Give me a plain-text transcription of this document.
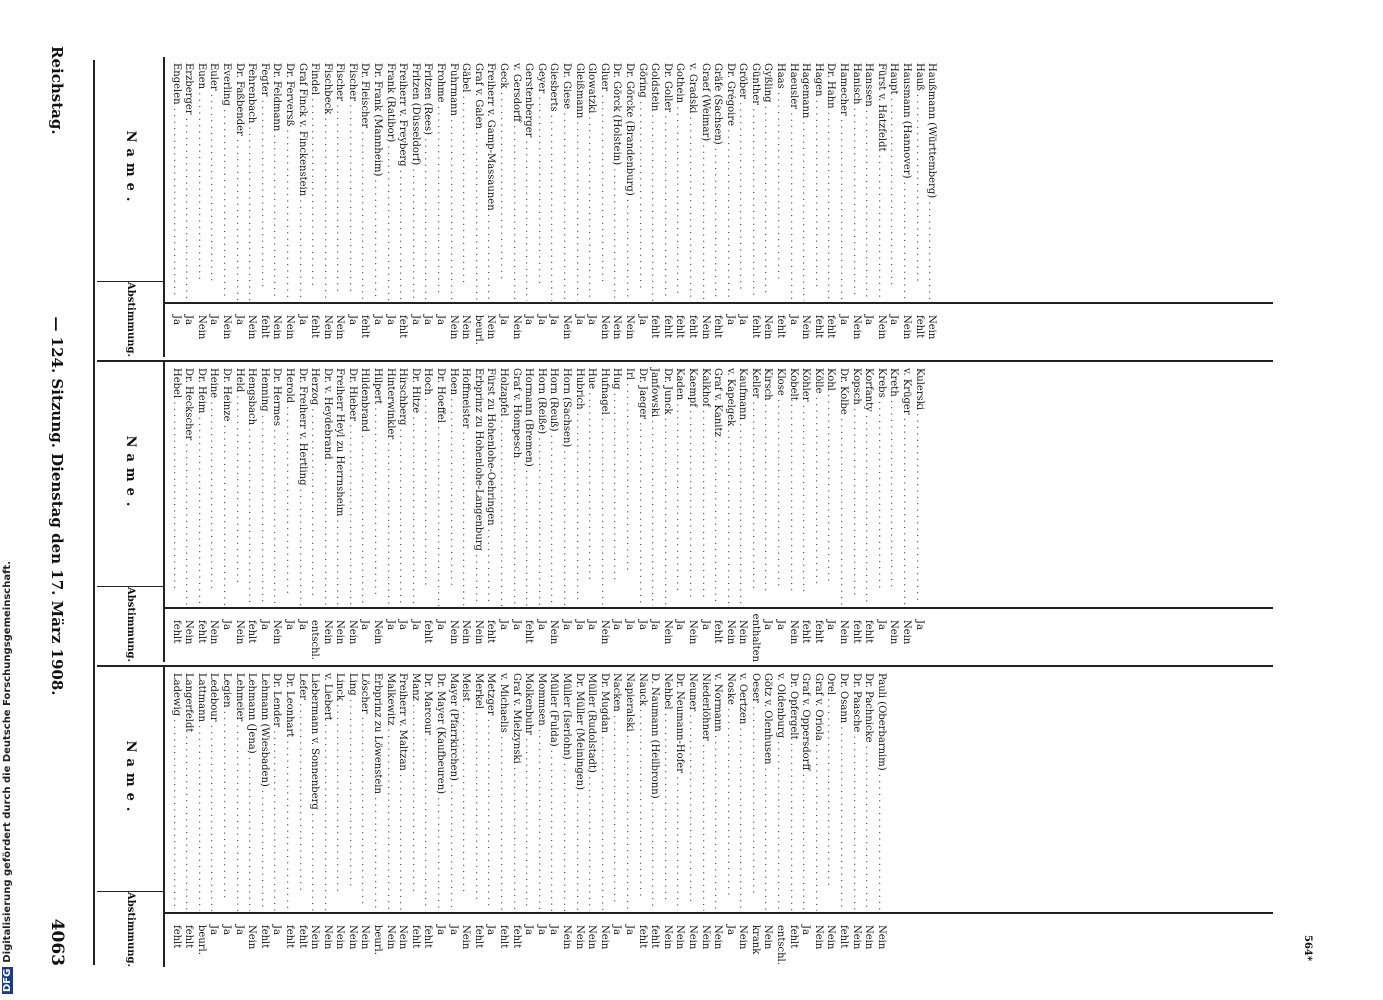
Reichstag.
— 124. Sitzung. Dienstag den 17. März 1908.
4063
Name.
Abstimmung.
Haußmann (Württemberg) . . .
Nein
Hauß . . .
fehlt
Hausmann (Hannover) . . .
Nein
Haupt . . .
Ja
Fürst v. Hatzfeldt . . .
Nein
Hanssen . . .
Ja
Hanisch . . .
Nein
Hamecher . . .
Ja
Dr. Hahn . . .
fehlt
Hagen . . .
fehlt
Hagemann . . .
Nein
Haeusler . . .
Ja
Haas . . .
fehlt
Gyßling . . .
Nein
Günther . . .
fehlt
Gröber . . .
Ja
Dr. Grégoire . . .
Ja
Gräfe (Sachsen) . . .
fehlt
Graef (Weimar) . . .
Nein
v. Gradski . . .
fehlt
Gothein . . .
fehlt
Dr. Goller . . .
fehlt
Goldstein . . .
fehlt
Göring . . .
Ja
Dr. Görcke (Brandenburg) . . .
Nein
Dr. Görck (Holstein) . . .
Nein
Gluer . . .
Nein
Glowatzki . . .
Ja
Gleißmann . . .
Ja
Dr. Giese . . .
Nein
Giesberts . . .
Ja
Geyer . . .
Ja
Gerstenberger . . .
Ja
v. Gersdorff . . .
Nein
Geck . . .
Ja
Freiherr v. Gamp-Massaunen . . .
Nein
Graf v. Galen . . .
beurl.
Gäbel . . .
Nein
Fuhrmann . . .
Nein
Frohme . . .
Ja
Fritzen (Rees) . . .
Ja
Fritzen (Düsseldorf) . . .
Ja
Freiherr v. Freyberg . . .
fehlt
Frank (Ratibor) . . .
Ja
Dr. Frank (Mannheim) . . .
Ja
Dr. Fleischer . . .
fehlt
Fischer . . .
Ja
Fischer . . .
Nein
Fischbeck . . .
Nein
Findel . . .
fehlt
Graf Finck v. Finckenstein . . .
Ja
Dr. Ferversß . . .
Nein
Dr. Feldmann . . .
Nein
Fegter . . .
fehlt
Fehrenbach . . .
Nein
Dr. Faßbender . . .
Ja
Everling . . .
Nein
Euler . . .
Ja
Euen . . .
Nein
Erzberger . . .
Ja
Engelen . . .
Ja
Name.
Abstimmung.
Kulerski . . .
Ja
v. Krüger . . .
Nein
Kreth . . .
Nein
Krebs . . .
Ja
Korfanty . . .
fehlt
Kopsch . . .
fehlt
Dr. Kolbe . . .
Nein
Kohl . . .
Ja
Kölle . . .
fehlt
Köhler . . .
fehlt
Kobelt . . .
Nein
Klose . . .
Ja
Kirsch . . .
Ja
Keller . . .
enthalten
Kaufmann . . .
Nein
v. Kapelgek . . .
Nein
Graf v. Kanitz . . .
fehlt
Kalkhof . . .
Ja
Kaempf . . .
Nein
Kaden . . .
Ja
Dr. Junck . . .
Nein
Janfowski . . .
Ja
Dr. Jaeger . . .
Ja
Irl . . .
Ja
Hug . . .
Ja
Hufnagel . . .
Nein
Hue . . .
Ja
Hubrich . . .
Ja
Horn (Sachsen) . . .
Ja
Horn (Reuß) . . .
Nein
Horn (Reiße) . . .
Ja
Hormann (Bremen) . . .
fehlt
Graf v. Hompesch . . .
Ja
Holzapfel . . .
Ja
Fürst zu Hohenlohe-Oehringen . . .
fehlt
Erbprinz zu Hohenlohe-Langenburg . . .
Nein
Hoffmeister . . .
Nein
Hoen . . .
Nein
Dr. Hoeffel . . .
Ja
Hoch . . .
fehlt
Dr. Hitze . . .
Ja
Hirschberg . . .
Ja
Hinterwinkler . . .
Ja
Hilpert . . .
Nein
Hildenbrand . . .
Ja
Dr. Hieber . . .
Nein
Freiherr Heyl zu Herrnsheim . . .
Nein
Dr. v. Heydebrand . . .
Nein
Herzog . . .
entschl.
Dr. Freiherr v. Hertling . . .
Ja
Herold . . .
Ja
Dr. Hermes . . .
Nein
Henning . . .
Ja
Hengsbach . . .
fehlt
Held . . .
Nein
Dr. Heinze . . .
Ja
Heine . . .
Nein
Dr. Heim . . .
fehlt
Dr. Heckscher . . .
Nein
Hebel . . .
fehlt
Name.
Abstimmung.
Pauli (Oberbarnim) . . .
Nein
Dr. Pachnicke . . .
Nein
Dr. Paasche . . .
Nein
Dr. Osann . . .
fehlt
Orel . . .
Nein
Graf v. Oriola . . .
Nein
Graf v. Oppersdorff . . .
Ja
Dr. Opfergelt . . .
fehlt
v. Oldenburg . . .
entschl.
Götz v. Olenhusen . . .
Nein
Oeser . . .
krank
v. Oertzen . . .
Nein
Noske . . .
Ja
v. Normann . . .
Nein
Niederlöhner . . .
Nein
Neuner . . .
Nein
Dr. Neumann-Hofer . . .
Nein
Nehbel . . .
Nein
D. Naumann (Heilbronn) . . .
fehlt
Nauck . . .
fehlt
Napieralski . . .
Ja
Nacken . . .
Ja
Dr. Mugdan . . .
Nein
Müller (Rudolstadt) . . .
Nein
Dr. Müller (Meiningen) . . .
Nein
Müller (Iserlohn) . . .
Nein
Müller (Fulda) . . .
Ja
Mommsen . . .
Ja
Molkenbuhr . . .
Ja
Graf v. Mielzynski . . .
fehlt
v. Michaelis . . .
fehlt
Metzger . . .
Ja
Merkel . . .
fehlt
Meist . . .
Nein
Mayer (Pfarrkirchen) . . .
Ja
Dr. Mayer (Kaufbeuren) . . .
Ja
Dr. Marcour . . .
fehlt
Manz . . .
fehlt
Freiherr v. Maltzan . . .
Nein
Malkewitz . . .
Nein
Erbprinz zu Löwenstein . . .
beurl.
Löscher . . .
Nein
Ling . . .
Nein
Linck . . .
Nein
v. Liebert . . .
Nein
Liebermann v. Sonnenberg . . .
Nein
Lefer . . .
fehlt
Dr. Leonhart . . .
fehlt
Dr. Lender . . .
Ja
Lehmann (Wiesbaden) . . .
fehlt
Lehmann (Jena) . . .
Nein
Lehmeier . . .
Ja
Legien . . .
Ja
Ledebour . . .
Ja
Lattmann . . .
beurl.
Langerfeldt . . .
fehlt
Ladewig . . .
fehlt	564*
DFGDigitalisierung gefördert durch die Deutsche Forschungsgemeinschaft.
